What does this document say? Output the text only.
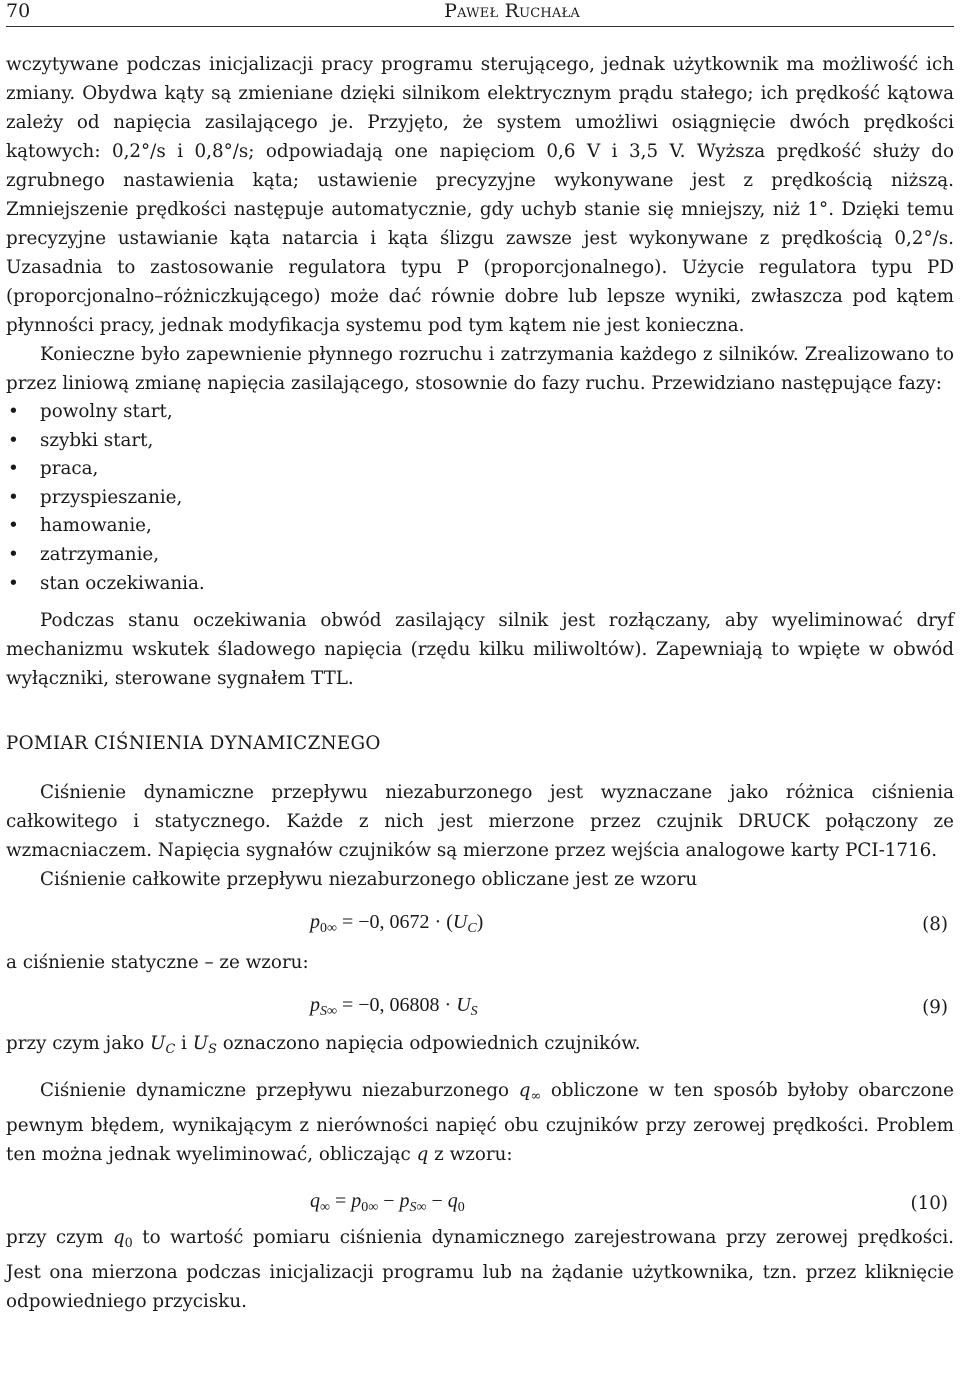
70	Paweł Ruchała

wczytywane podczas inicjalizacji pracy programu sterującego, jednak użytkownik ma możliwość ich zmiany. Obydwa kąty są zmieniane dzięki silnikom elektrycznym prądu stałego; ich prędkość kątowa zależy od napięcia zasilającego je. Przyjęto, że system umożliwi osiągnięcie dwóch prędkości kątowych: 0,2°/s i 0,8°/s; odpowiadają one napięciom 0,6 V i 3,5 V. Wyższa prędkość służy do zgrubnego nastawienia kąta; ustawienie precyzyjne wykonywane jest z prędkością niższą. Zmniejszenie prędkości następuje automatycznie, gdy uchyb stanie się mniejszy, niż 1°. Dzięki temu precyzyjne ustawianie kąta natarcia i kąta ślizgu zawsze jest wykonywane z prędkością 0,2°/s. Uzasadnia to zastosowanie regulatora typu P (proporcjonalnego). Użycie regulatora typu PD (proporcjonalno–różniczkującego) może dać równie dobre lub lepsze wyniki, zwłaszcza pod kątem płynności pracy, jednak modyfikacja systemu pod tym kątem nie jest konieczna.

Konieczne było zapewnienie płynnego rozruchu i zatrzymania każdego z silników. Zrealizowano to przez liniową zmianę napięcia zasilającego, stosownie do fazy ruchu. Przewidziano następujące fazy:

• powolny start,
• szybki start,
• praca,
• przyspieszanie,
• hamowanie,
• zatrzymanie,
• stan oczekiwania.

Podczas stanu oczekiwania obwód zasilający silnik jest rozłączany, aby wyeliminować dryf mechanizmu wskutek śladowego napięcia (rzędu kilku miliwoltów). Zapewniają to wpięte w obwód wyłączniki, sterowane sygnałem TTL.

POMIAR CIŚNIENIA DYNAMICZNEGO

Ciśnienie dynamiczne przepływu niezaburzonego jest wyznaczane jako różnica ciśnienia całkowitego i statycznego. Każde z nich jest mierzone przez czujnik DRUCK połączony ze wzmacniaczem. Napięcia sygnałów czujników są mierzone przez wejścia analogowe karty PCI-1716.

Ciśnienie całkowite przepływu niezaburzonego obliczane jest ze wzoru

$p_{0\infty} = -0$, $0672 \cdot (U_C)$	(8)

a ciśnienie statyczne – ze wzoru:

$p_{S\infty} = -0$, $06808 \cdot U_S$	(9)

przy czym jako $U_C$ i $U_S$ oznaczono napięcia odpowiednich czujników.

Ciśnienie dynamiczne przepływu niezaburzonego $q_\infty$ obliczone w ten sposób byłoby obarczone pewnym błędem, wynikającym z nierówności napięć obu czujników przy zerowej prędkości. Problem ten można jednak wyeliminować, obliczając q z wzoru:

$q_\infty = p_{0\infty} - p_{S\infty} - q_0$	(10)

przy czym $q_0$ to wartość pomiaru ciśnienia dynamicznego zarejestrowana przy zerowej prędkości. Jest ona mierzona podczas inicjalizacji programu lub na żądanie użytkownika, tzn. przez kliknięcie odpowiedniego przycisku.
